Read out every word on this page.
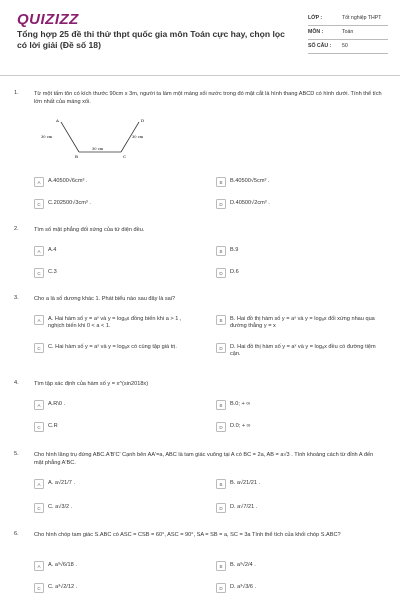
QUIZIZZ
Tổng hợp 25 đề thi thử thpt quốc gia môn Toán cực hay, chọn lọc có lời giải (Đề số 18)
LỚP :	Tốt nghiệp THPT
MÔN :	Toán
SỐ CÂU :	50
1.	Từ một tấm tôn có kích thước 90cm x 3m, người ta làm một máng xối nước trong đó mặt cắt là hình thang ABCD có hình dưới. Tính thể tích lớn nhất của máng xối.
A	D
B	C
30 cm	30 cm
30 cm
A	A.40500√6cm³ .	B	B.40500√5cm³ .
C	C.202500√3cm³ .	D	D.40500√2cm³ .
2.	Tìm số mặt phẳng đối xứng của tứ diện đều.
A	A.4	B	B.9
C	C.3	D	D.6
3.	Cho a là số dương khác 1. Phát biểu nào sau đây là sai?
A	A. Hai hàm số y = aˣ và y = logₐx đồng biến khi a > 1 , nghịch biến khi 0 < a < 1.
B	B. Hai đồ thị hàm số y = aˣ và y = logₐx đối xứng nhau qua đường thẳng y = x
C	C. Hai hàm số y = aˣ và y = logₐx có cùng tập giá trị.	D	D. Hai đồ thị hàm số y = aˣ và y = logₐx đều có đường tiệm cận.
4.	Tìm tập xác định của hàm số y = x^(sin2018x)
A	A.R\0 .	B	B.0; + ∞
C	C.R	D	D.0; + ∞
5.	Cho hình lăng trụ đứng ABC.A'B'C' Cạnh bên AA'=a, ABC là tam giác vuông tại A có BC = 2a, AB = a√3 . Tính khoảng cách từ đỉnh A đến mặt phẳng A'BC.
A	A. a√21/7 .	B	B. a√21/21 .
C	C. a√3/2 .	D	D. a√7/21 .
6.	Cho hình chóp tam giác S.ABC có ASC = CSB = 60°, ASC = 90°, SA = SB = a, SC = 3a Tính thể tích của khối chóp S.ABC?
A	A. a³√6/18 .	B	B. a³√2/4 .
C	C. a³√2/12 .	D	D. a³√3/6 .
